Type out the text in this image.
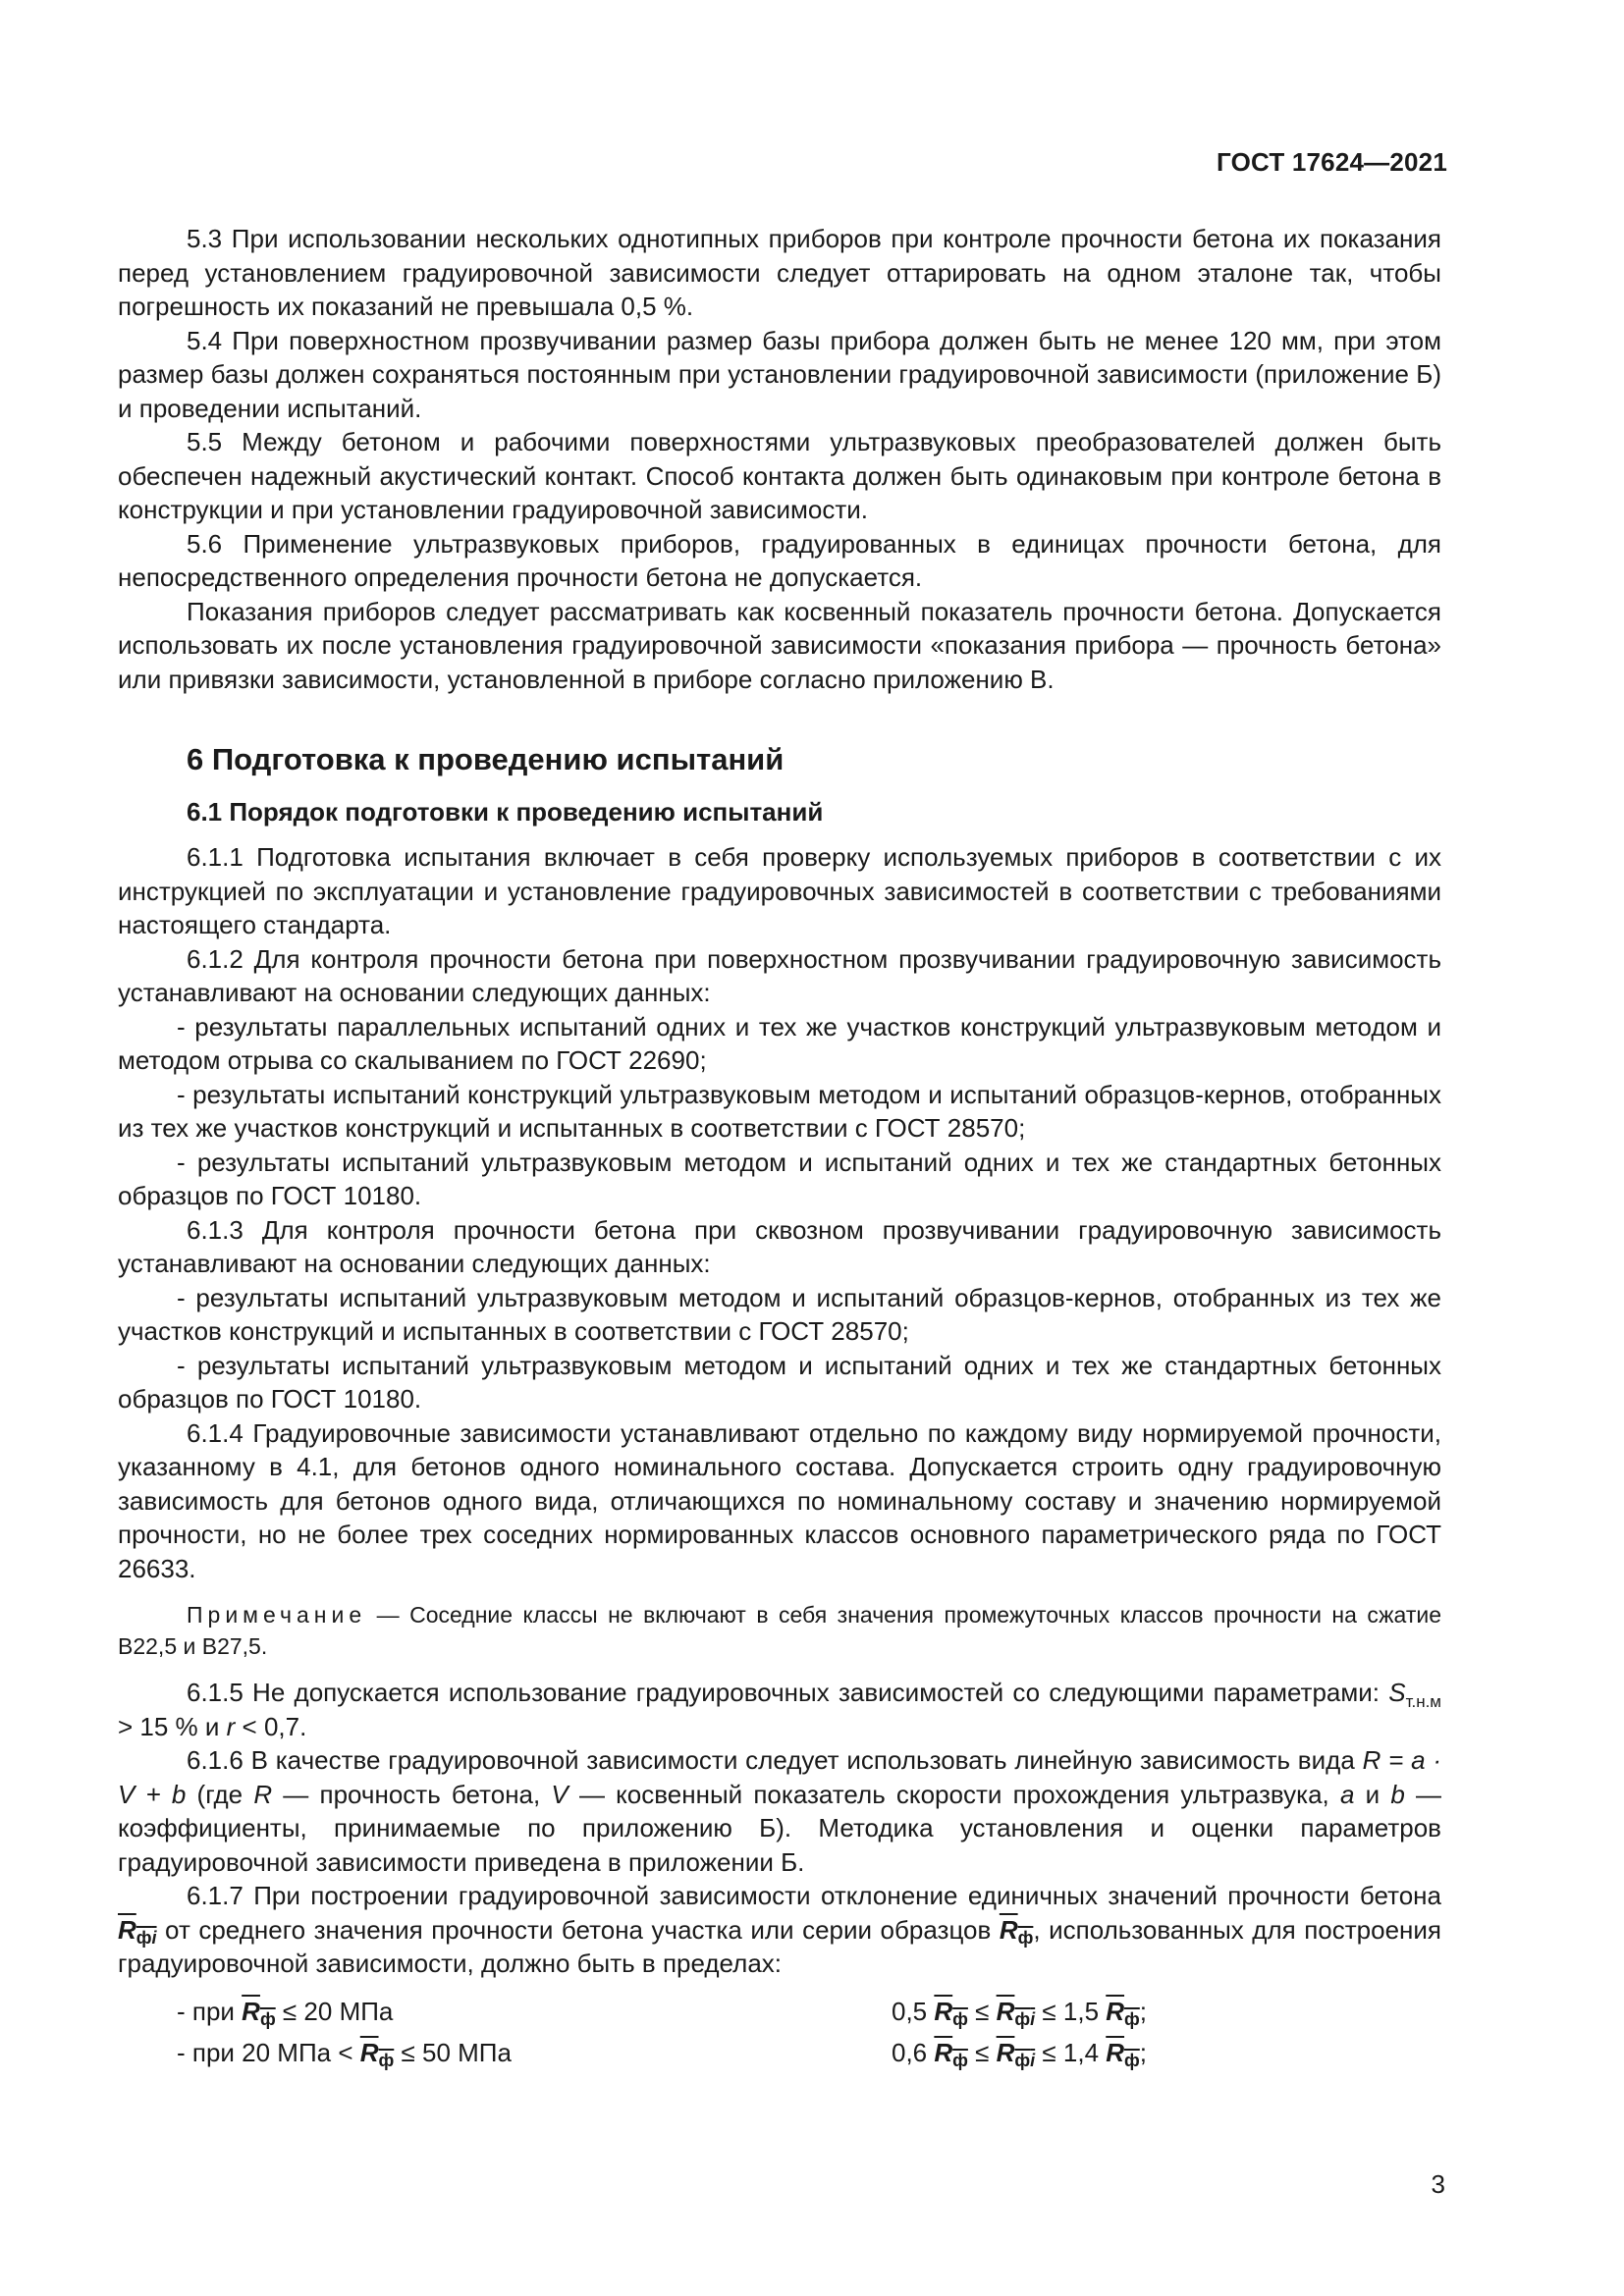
ГОСТ 17624—2021

5.3 При использовании нескольких однотипных приборов при контроле прочности бетона их показания перед установлением градуировочной зависимости следует оттарировать на одном эталоне так, чтобы погрешность их показаний не превышала 0,5 %.

5.4 При поверхностном прозвучивании размер базы прибора должен быть не менее 120 мм, при этом размер базы должен сохраняться постоянным при установлении градуировочной зависимости (приложение Б) и проведении испытаний.

5.5 Между бетоном и рабочими поверхностями ультразвуковых преобразователей должен быть обеспечен надежный акустический контакт. Способ контакта должен быть одинаковым при контроле бетона в конструкции и при установлении градуировочной зависимости.

5.6 Применение ультразвуковых приборов, градуированных в единицах прочности бетона, для непосредственного определения прочности бетона не допускается.

Показания приборов следует рассматривать как косвенный показатель прочности бетона. Допускается использовать их после установления градуировочной зависимости «показания прибора — прочность бетона» или привязки зависимости, установленной в приборе согласно приложению В.

6 Подготовка к проведению испытаний
6.1 Порядок подготовки к проведению испытаний

6.1.1 Подготовка испытания включает в себя проверку используемых приборов в соответствии с их инструкцией по эксплуатации и установление градуировочных зависимостей в соответствии с требованиями настоящего стандарта.

6.1.2 Для контроля прочности бетона при поверхностном прозвучивании градуировочную зависимость устанавливают на основании следующих данных:

- результаты параллельных испытаний одних и тех же участков конструкций ультразвуковым методом и методом отрыва со скалыванием по ГОСТ 22690;

- результаты испытаний конструкций ультразвуковым методом и испытаний образцов-кернов, отобранных из тех же участков конструкций и испытанных в соответствии с ГОСТ 28570;

- результаты испытаний ультразвуковым методом и испытаний одних и тех же стандартных бетонных образцов по ГОСТ 10180.

6.1.3 Для контроля прочности бетона при сквозном прозвучивании градуировочную зависимость устанавливают на основании следующих данных:

- результаты испытаний ультразвуковым методом и испытаний образцов-кернов, отобранных из тех же участков конструкций и испытанных в соответствии с ГОСТ 28570;

- результаты испытаний ультразвуковым методом и испытаний одних и тех же стандартных бетонных образцов по ГОСТ 10180.

6.1.4 Градуировочные зависимости устанавливают отдельно по каждому виду нормируемой прочности, указанному в 4.1, для бетонов одного номинального состава. Допускается строить одну градуировочную зависимость для бетонов одного вида, отличающихся по номинальному составу и значению нормируемой прочности, но не более трех соседних нормированных классов основного параметрического ряда по ГОСТ 26633.

Примечание — Соседние классы не включают в себя значения промежуточных классов прочности на сжатие В22,5 и В27,5.

6.1.5 Не допускается использование градуировочных зависимостей со следующими параметрами: $S_{т.н.м} > 15$ % и r < 0,7.

6.1.6 В качестве градуировочной зависимости следует использовать линейную зависимость вида R = a · V + b (где R — прочность бетона, V — косвенный показатель скорости прохождения ультразвука, a и b — коэффициенты, принимаемые по приложению Б). Методика установления и оценки параметров градуировочной зависимости приведена в приложении Б.

6.1.7 При построении градуировочной зависимости отклонение единичных значений прочности бетона $R_{фi}$ от среднего значения прочности бетона участка или серии образцов $R_ф$, использованных для построения градуировочной зависимости, должно быть в пределах:

- при $R_ф \le 20$ МПа	0,5 $R_ф \le R_{фi} \le 1,5$ $R_ф$;
- при 20 МПа < $R_ф \le 50$ МПа	0,6 $R_ф \le R_{фi} \le 1,4$ $R_ф$;
3
